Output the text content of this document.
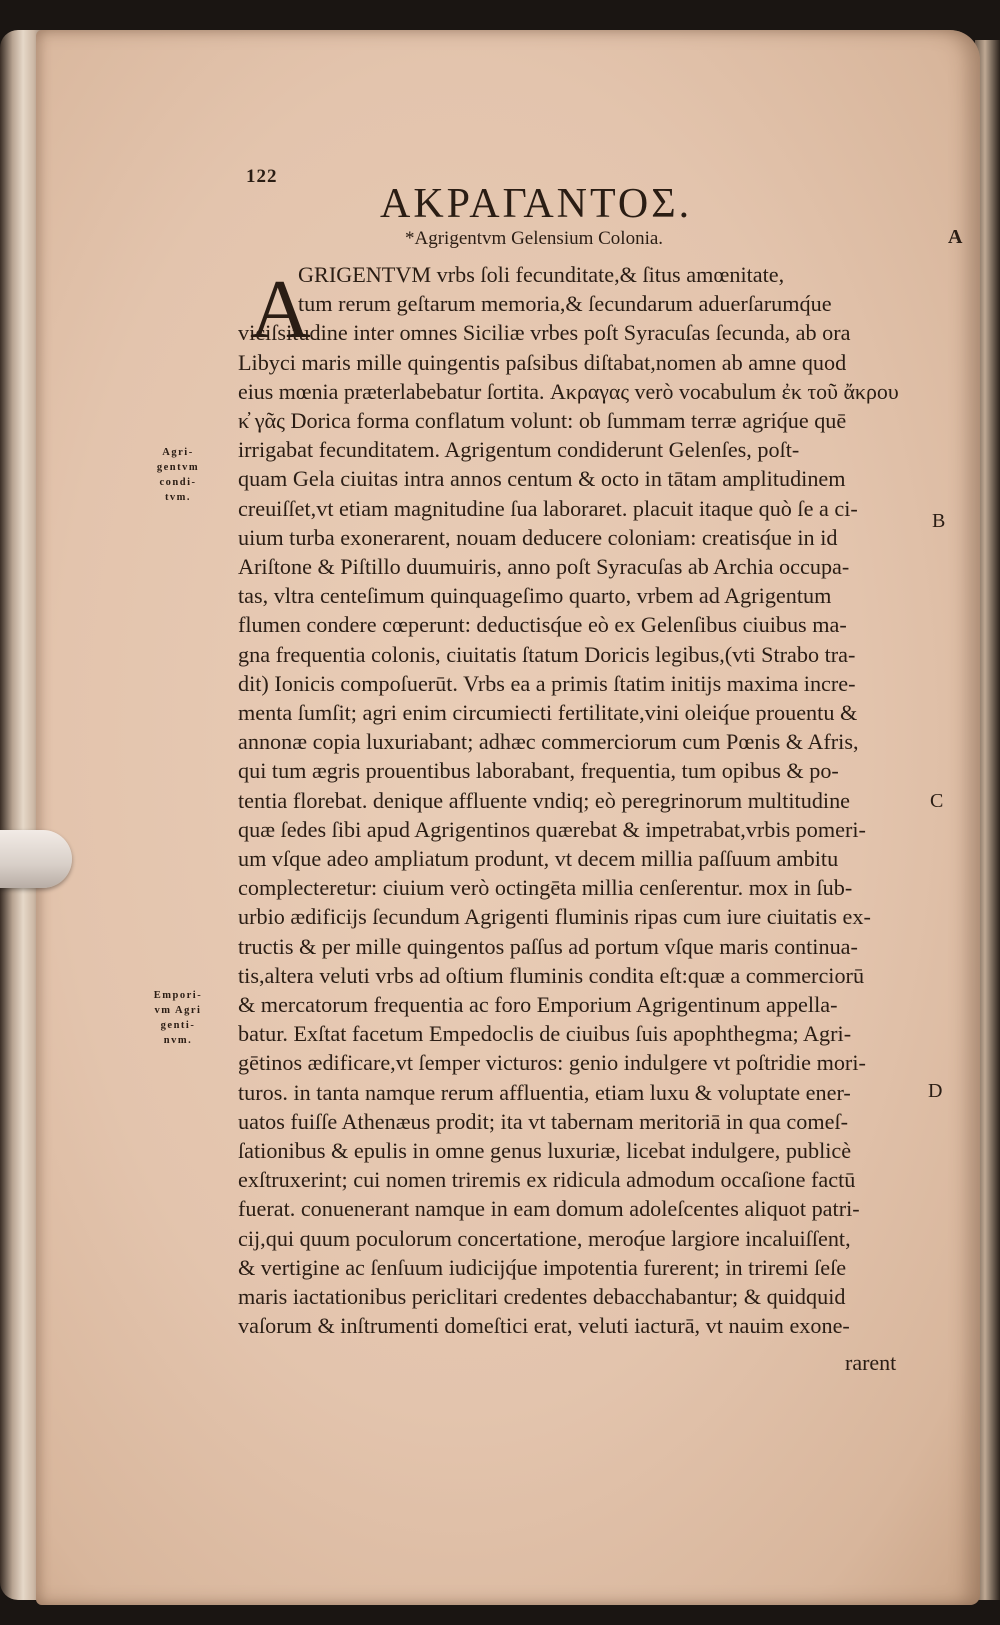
122
ΑΚΡΑΓΑΝΤΟΣ.
*Agrigentvm Gelensium Colonia.	A
B
C
D
Agri-
gentvm
condi-
tvm.
Empori-
vm Agri
genti-
nvm.
A
GRIGENTVM vrbs ſoli fecunditate,& ſitus amœnitate,
tum rerum geſtarum memoria,& ſecundarum aduerſarumq́ue
viciſsitudine inter omnes Siciliæ vrbes poſt Syracuſas ſecunda, ab ora
Libyci maris mille quingentis paſsibus diſtabat,nomen ab amne quod
eius mœnia præterlabebatur ſortita. Ακραγας verò vocabulum ἐκ τοῦ ἄκρου
κ̓ γᾶς Dorica forma conflatum volunt: ob ſummam terræ agriq́ue quē
irrigabat fecunditatem. Agrigentum condiderunt Gelenſes, poſt-
quam Gela ciuitas intra annos centum & octo in tātam amplitudinem
creuiſſet,vt etiam magnitudine ſua laboraret. placuit itaque quò ſe a ci-
uium turba exonerarent, nouam deducere coloniam: creatisq́ue in id
Ariſtone & Piſtillo duumuiris, anno poſt Syracuſas ab Archia occupa-
tas, vltra centeſimum quinquageſimo quarto, vrbem ad Agrigentum
flumen condere cœperunt: deductisq́ue eò ex Gelenſibus ciuibus ma-
gna frequentia colonis, ciuitatis ſtatum Doricis legibus,(vti Strabo tra-
dit) Ionicis compoſuerūt. Vrbs ea a primis ſtatim initijs maxima incre-
menta ſumſit; agri enim circumiecti fertilitate,vini oleiq́ue prouentu &
annonæ copia luxuriabant; adhæc commerciorum cum Pœnis & Afris,
qui tum ægris prouentibus laborabant, frequentia, tum opibus & po-
tentia florebat. denique affluente vndiq; eò peregrinorum multitudine
quæ ſedes ſibi apud Agrigentinos quærebat & impetrabat,vrbis pomeri-
um vſque adeo ampliatum produnt, vt decem millia paſſuum ambitu
complecteretur: ciuium verò octingēta millia cenſerentur. mox in ſub-
urbio ædificijs ſecundum Agrigenti fluminis ripas cum iure ciuitatis ex-
tructis & per mille quingentos paſſus ad portum vſque maris continua-
tis,altera veluti vrbs ad oſtium fluminis condita eſt:quæ a commerciorū
& mercatorum frequentia ac foro Emporium Agrigentinum appella-
batur. Exſtat facetum Empedoclis de ciuibus ſuis apophthegma; Agri-
gētinos ædificare,vt ſemper victuros: genio indulgere vt poſtridie mori-
turos. in tanta namque rerum affluentia, etiam luxu & voluptate ener-
uatos fuiſſe Athenæus prodit; ita vt tabernam meritoriā in qua comeſ-
ſationibus & epulis in omne genus luxuriæ, licebat indulgere, publicè
exſtruxerint; cui nomen triremis ex ridicula admodum occaſione factū
fuerat. conuenerant namque in eam domum adoleſcentes aliquot patri-
cij,qui quum poculorum concertatione, meroq́ue largiore incaluiſſent,
& vertigine ac ſenſuum iudicijq́ue impotentia furerent; in triremi ſeſe
maris iactationibus periclitari credentes debacchabantur; & quidquid
vaſorum & inſtrumenti domeſtici erat, veluti iacturā, vt nauim exone-
rarent
